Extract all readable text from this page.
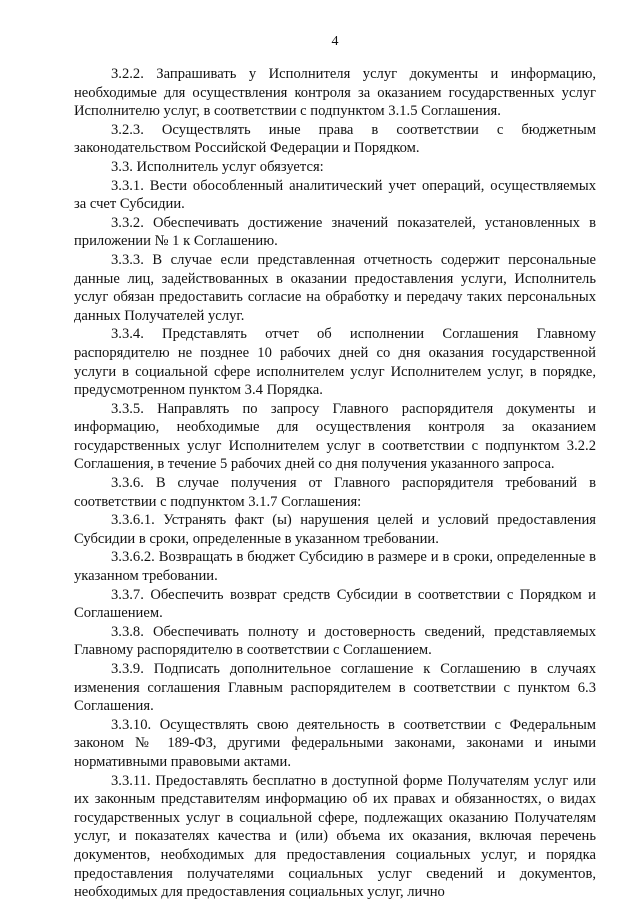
4

3.2.2. Запрашивать у Исполнителя услуг документы и информацию, необходимые для осуществления контроля за оказанием государственных услуг Исполнителю услуг, в соответствии с подпунктом 3.1.5 Соглашения.

3.2.3. Осуществлять иные права в соответствии с бюджетным законодательством Российской Федерации и Порядком.

3.3. Исполнитель услуг обязуется:

3.3.1. Вести обособленный аналитический учет операций, осуществляемых за счет Субсидии.

3.3.2. Обеспечивать достижение значений показателей, установленных в приложении № 1 к Соглашению.

3.3.3. В случае если представленная отчетность содержит персональные данные лиц, задействованных в оказании предоставления услуги, Исполнитель услуг обязан предоставить согласие на обработку и передачу таких персональных данных Получателей услуг.

3.3.4. Представлять отчет об исполнении Соглашения Главному распорядителю не позднее 10 рабочих дней со дня оказания государственной услуги в социальной сфере исполнителем услуг Исполнителем услуг, в порядке, предусмотренном пунктом 3.4 Порядка.

3.3.5. Направлять по запросу Главного распорядителя документы и информацию, необходимые для осуществления контроля за оказанием государственных услуг Исполнителем услуг в соответствии с подпунктом 3.2.2 Соглашения, в течение 5 рабочих дней со дня получения указанного запроса.

3.3.6. В случае получения от Главного распорядителя требований в соответствии с подпунктом 3.1.7 Соглашения:

3.3.6.1. Устранять факт (ы) нарушения целей и условий предоставления Субсидии в сроки, определенные в указанном требовании.

3.3.6.2. Возвращать в бюджет Субсидию в размере и в сроки, определенные в указанном требовании.

3.3.7. Обеспечить возврат средств Субсидии в соответствии с Порядком и Соглашением.

3.3.8. Обеспечивать полноту и достоверность сведений, представляемых Главному распорядителю в соответствии с Соглашением.

3.3.9. Подписать дополнительное соглашение к Соглашению в случаях изменения соглашения Главным распорядителем в соответствии с пунктом 6.3 Соглашения.

3.3.10. Осуществлять свою деятельность в соответствии с Федеральным законом № 189-ФЗ, другими федеральными законами, законами и иными нормативными правовыми актами.

3.3.11. Предоставлять бесплатно в доступной форме Получателям услуг или их законным представителям информацию об их правах и обязанностях, о видах государственных услуг в социальной сфере, подлежащих оказанию Получателям услуг, и показателях качества и (или) объема их оказания, включая перечень документов, необходимых для предоставления социальных услуг, и порядка предоставления получателями социальных услуг сведений и документов, необходимых для предоставления социальных услуг, лично
